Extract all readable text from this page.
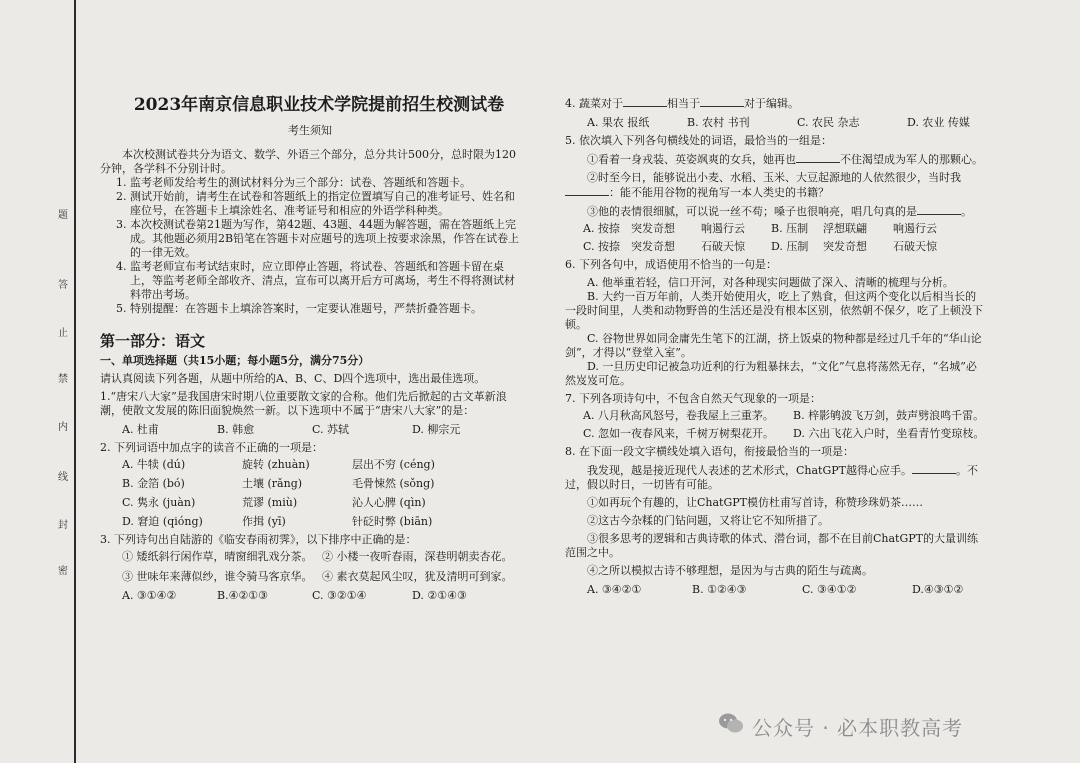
题
答
止
禁
内
线
封
密
2023年南京信息职业技术学院提前招生校测试卷
考生须知

本次校测试卷共分为语文、数学、外语三个部分，总分共计500分，总时限为120分钟，各学科不分别计时。

1. 监考老师发给考生的测试材料分为三个部分：试卷、答题纸和答题卡。

2. 测试开始前，请考生在试卷和答题纸上的指定位置填写自己的准考证号、姓名和座位号，在答题卡上填涂姓名、准考证号和相应的外语学科种类。

3. 本次校测试卷第21题为写作，第42题、43题、44题为解答题，需在答题纸上完成。其他题必须用2B铅笔在答题卡对应题号的选项上按要求涂黑，作答在试卷上的一律无效。

4. 监考老师宣布考试结束时，应立即停止答题，将试卷、答题纸和答题卡留在桌上，等监考老师全部收齐、清点，宣布可以离开后方可离场，考生不得将测试材料带出考场。

5. 特别提醒：在答题卡上填涂答案时，一定要认准题号，严禁折叠答题卡。

第一部分：语文

一、单项选择题（共15小题；每小题5分，满分75分）

请认真阅读下列各题，从题中所给的A、B、C、D四个选项中，选出最佳选项。

1.“唐宋八大家”是我国唐宋时期八位重要散文家的合称。他们先后掀起的古文革新浪潮，使散文发展的陈旧面貌焕然一新。以下选项中不属于“唐宋八大家”的是：

A. 杜甫	B. 韩愈	C. 苏轼	D. 柳宗元

2. 下列词语中加点字的读音不正确的一项是：

A. 牛犊 (dú)	旋转 (zhuàn)	层出不穷 (céng)
B. 金箔 (bó)	土壤 (rǎng)	毛骨悚然 (sǒng)
C. 隽永 (juàn)	荒谬 (miù)	沁人心脾 (qìn)
D. 窘迫 (qióng)	作揖 (yī)	针砭时弊 (biān)

3. 下列诗句出自陆游的《临安春雨初霁》，以下排序中正确的是：

① 矮纸斜行闲作草，晴窗细乳戏分茶。 ② 小楼一夜听春雨，深巷明朝卖杏花。
③ 世味年来薄似纱，谁令骑马客京华。 ④ 素衣莫起风尘叹，犹及清明可到家。
A. ③①④②	B.④②①③	C. ③②①④	D. ②①④③

4. 蔬菜对于	相当于	对于编辑。

A. 果农 报纸	B. 农村 书刊	C. 农民 杂志	D. 农业 传媒

5. 依次填入下列各句横线处的词语，最恰当的一组是：

①看着一身戎装、英姿飒爽的女兵，她再也	不住渴望成为军人的那颗心。

②时至今日，能够说出小麦、水稻、玉米、大豆起源地的人依然很少，当时我：能不能用谷物的视角写一本人类史的书籍？

③他的表情很细腻，可以说一丝不苟；嗓子也很响亮，唱几句真的是	。

A. 按捺	突发奇想	响遏行云	B. 压制	浮想联翩	响遏行云
C. 按捺 突发奇想	石破天惊	D. 压制	突发奇想	石破天惊

6. 下列各句中，成语使用不恰当的一句是：

A. 他举重若轻，信口开河，对各种现实问题做了深入、清晰的梳理与分析。

B. 大约一百万年前，人类开始使用火，吃上了熟食，但这两个变化以后相当长的一段时间里，人类和动物野兽的生活还是没有根本区别，依然朝不保夕，吃了上顿没下顿。

C. 谷物世界如同金庸先生笔下的江湖，挤上饭桌的物种都是经过几千年的“华山论剑”，才得以“登堂入室”。

D. 一旦历史印记被急功近利的行为粗暴抹去，“文化”气息将荡然无存，“名城”必然岌岌可危。

7. 下列各项诗句中，不包含自然天气现象的一项是：

A. 八月秋高风怒号，卷我屋上三重茅。	B. 梓影鸲波飞万剑，鼓声劈浪鸣千雷。
C. 忽如一夜春风来，千树万树梨花开。	D. 六出飞花入户时，坐看青竹变琼枝。

8. 在下面一段文字横线处填入语句，衔接最恰当的一项是：

我发现，越是接近现代人表述的艺术形式，ChatGPT越得心应手。	。不过，假以时日，一切皆有可能。

①如再玩个有趣的，让ChatGPT模仿杜甫写首诗，称赞珍珠奶茶……

②这古今杂糅的门钻问题，又将让它不知所措了。

③很多思考的逻辑和古典诗歌的体式、潜台词，都不在目前ChatGPT的大量训练范围之中。

④之所以模拟古诗不够理想，是因为与古典的陌生与疏离。

A. ③④②①	B. ①②④③	C. ③④①②	D.④③①②
公众号 · 必本职教高考
